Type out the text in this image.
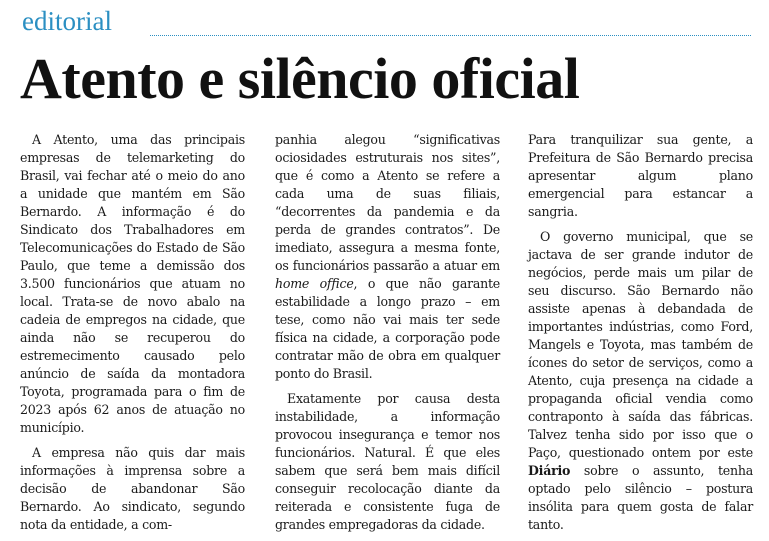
editorial
Atento e silêncio oficial

A Atento, uma das principais empresas de telemarketing do Brasil, vai fechar até o meio do ano a unidade que mantém em São Bernardo. A informação é do Sindicato dos Trabalhadores em Telecomunicações do Estado de São Paulo, que teme a demissão dos 3.500 funcionários que atuam no local. Trata-se de novo abalo na cadeia de empregos na cidade, que ainda não se recuperou do estremecimento causado pelo anúncio de saída da montadora Toyota, programada para o fim de 2023 após 62 anos de atuação no município.

A empresa não quis dar mais informações à imprensa sobre a decisão de abandonar São Bernardo. Ao sindicato, segundo nota da entidade, a com-

panhia alegou “significativas ociosidades estruturais nos sites”, que é como a Atento se refere a cada uma de suas filiais, “decorrentes da pandemia e da perda de grandes contratos”. De imediato, assegura a mesma fonte, os funcionários passarão a atuar em home office, o que não garante estabilidade a longo prazo – em tese, como não vai mais ter sede física na cidade, a corporação pode contratar mão de obra em qualquer ponto do Brasil.

Exatamente por causa desta instabilidade, a informação provocou insegurança e temor nos funcionários. Natural. É que eles sabem que será bem mais difícil conseguir recolocação diante da reiterada e consistente fuga de grandes empregadoras da cidade.

Para tranquilizar sua gente, a Prefeitura de São Bernardo precisa apresentar algum plano emergencial para estancar a sangria.

O governo municipal, que se jactava de ser grande indutor de negócios, perde mais um pilar de seu discurso. São Bernardo não assiste apenas à debandada de importantes indústrias, como Ford, Mangels e Toyota, mas também de ícones do setor de serviços, como a Atento, cuja presença na cidade a propaganda oficial vendia como contraponto à saída das fábricas. Talvez tenha sido por isso que o Paço, questionado ontem por este Diário sobre o assunto, tenha optado pelo silêncio – postura insólita para quem gosta de falar tanto.
